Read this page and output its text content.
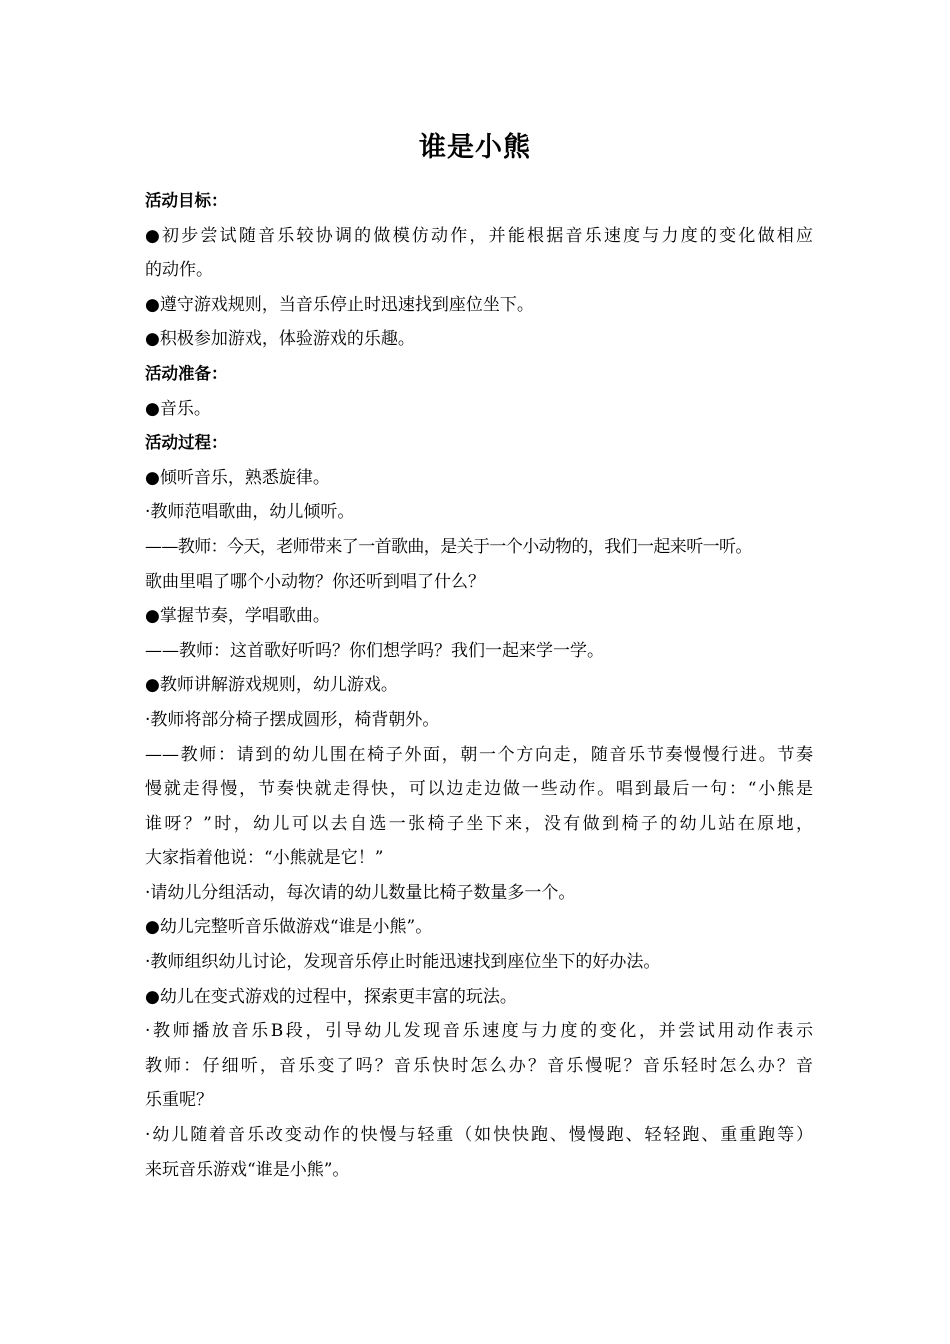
谁是小熊
活动目标：
●初步尝试随音乐较协调的做模仿动作，并能根据音乐速度与力度的变化做相应
的动作。
●遵守游戏规则，当音乐停止时迅速找到座位坐下。
●积极参加游戏，体验游戏的乐趣。
活动准备：
●音乐。
活动过程：
●倾听音乐，熟悉旋律。
·教师范唱歌曲，幼儿倾听。
——教师：今天，老师带来了一首歌曲，是关于一个小动物的，我们一起来听一听。
歌曲里唱了哪个小动物？你还听到唱了什么？
●掌握节奏，学唱歌曲。
——教师：这首歌好听吗？你们想学吗？我们一起来学一学。
●教师讲解游戏规则，幼儿游戏。
·教师将部分椅子摆成圆形，椅背朝外。
——教师：请到的幼儿围在椅子外面，朝一个方向走，随音乐节奏慢慢行进。节奏
慢就走得慢，节奏快就走得快，可以边走边做一些动作。唱到最后一句：“小熊是
谁呀？”时，幼儿可以去自选一张椅子坐下来，没有做到椅子的幼儿站在原地，
大家指着他说：“小熊就是它！”
·请幼儿分组活动，每次请的幼儿数量比椅子数量多一个。
●幼儿完整听音乐做游戏“谁是小熊”。
·教师组织幼儿讨论，发现音乐停止时能迅速找到座位坐下的好办法。
●幼儿在变式游戏的过程中，探索更丰富的玩法。
·教师播放音乐B段，引导幼儿发现音乐速度与力度的变化，并尝试用动作表示
教师：仔细听，音乐变了吗？音乐快时怎么办？音乐慢呢？音乐轻时怎么办？音
乐重呢？
·幼儿随着音乐改变动作的快慢与轻重（如快快跑、慢慢跑、轻轻跑、重重跑等）
来玩音乐游戏“谁是小熊”。
